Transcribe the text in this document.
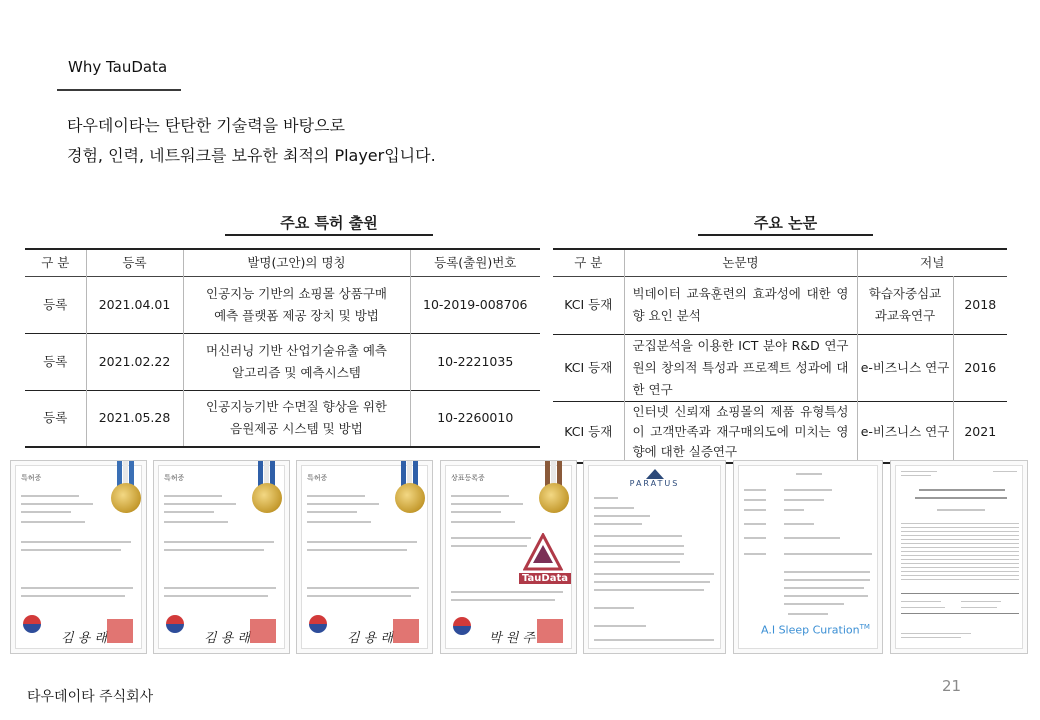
Why TauData
타우데이타는 탄탄한 기술력을 바탕으로
경험, 인력, 네트워크를 보유한 최적의 Player입니다.
주요 특허 출원
구 분	등록	발명(고안)의 명칭	등록(출원)번호
등록	2021.04.01	인공지능 기반의 쇼핑몰 상품구매 예측 플랫폼 제공 장치 및 방법	10-2019-008706
등록	2021.02.22	머신러닝 기반 산업기술유출 예측 알고리즘 및 예측시스템	10-2221035
등록	2021.05.28	인공지능기반 수면질 향상을 위한 음원제공 시스템 및 방법	10-2260010
주요 논문
구 분	논문명	저널	
KCI 등재	빅데이터 교육훈련의 효과성에 대한 영향 요인 분석	학습자중심교과교육연구	2018
KCI 등재	군집분석을 이용한 ICT 분야 R&D 연구원의 창의적 특성과 프로젝트 성과에 대한 연구	e-비즈니스 연구	2016
KCI 등재	인터넷 신뢰재 쇼핑몰의 제품 유형특성이 고객만족과 재구매의도에 미치는 영향에 대한 실증연구	e-비즈니스 연구	2021
특허증
김 용 래
특허증
김 용 래
특허증
김 용 래
상표등록증
TauData
박 원 주
PARATUS
A.I Sleep Curation™
타우데이타 주식회사
21
